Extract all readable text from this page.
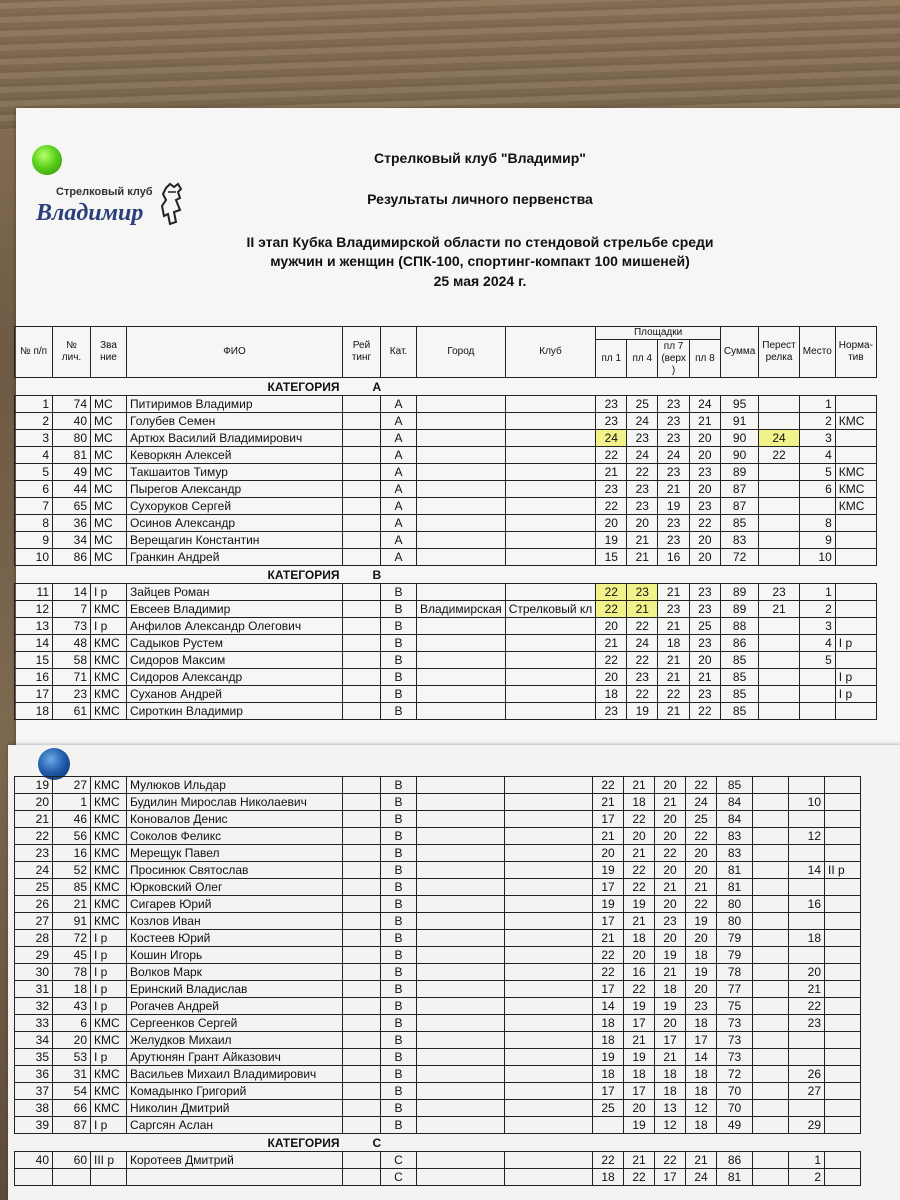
Стрелковый клуб
Владимир
Стрелковый клуб "Владимир"
Результаты личного первенства
II этап Кубка Владимирской области по стендовой стрельбе среди
мужчин и женщин (СПК-100, спортинг-компакт 100 мишеней)
25 мая 2024 г.
№ п/п	№ лич.	Зва ние	ФИО	Рей тинг	Кат.	Город	Клуб	Площадки				Сумма	Перест релка	Место	Норма-тив
								пл 1	пл 4	пл 7 (верх )	пл 8				
КАТЕГОРИЯ				А											
1	74	МС	Питиримов Владимир		А			23	25	23	24	95		1	
2	40	МС	Голубев Семен		А			23	24	23	21	91		2	КМС
3	80	МС	Артюх Василий Владимирович		А			24	23	23	20	90	24	3	
4	81	МС	Кеворкян Алексей		А			22	24	24	20	90	22	4	
5	49	МС	Такшаитов Тимур		А			21	22	23	23	89		5	КМС
6	44	МС	Пырегов Александр		А			23	23	21	20	87		6	КМС
7	65	МС	Сухоруков Сергей		А			22	23	19	23	87			КМС
8	36	МС	Осинов Александр		А			20	20	23	22	85		8	
9	34	МС	Верещагин Константин		А			19	21	23	20	83		9	
10	86	МС	Гранкин Андрей		А			15	21	16	20	72		10	
КАТЕГОРИЯ				В											
11	14	I р	Зайцев Роман		В			22	23	21	23	89	23	1	
12	7	КМС	Евсеев Владимир		В	Владимирская	Стрелковый кл	22	21	23	23	89	21	2	
13	73	I р	Анфилов Александр Олегович		В			20	22	21	25	88		3	
14	48	КМС	Садыков Рустем		В			21	24	18	23	86		4	I р
15	58	КМС	Сидоров Максим		В			22	22	21	20	85		5	
16	71	КМС	Сидоров Александр		В			20	23	21	21	85			I р
17	23	КМС	Суханов Андрей		В			18	22	22	23	85			I р
18	61	КМС	Сироткин Владимир		В			23	19	21	22	85			
19	27	КМС	Мулюков Ильдар		В			22	21	20	22	85			
20	1	КМС	Будилин Мирослав Николаевич		В			21	18	21	24	84		10	
21	46	КМС	Коновалов Денис		В			17	22	20	25	84			
22	56	КМС	Соколов Феликс		В			21	20	20	22	83		12	
23	16	КМС	Мерещук Павел		В			20	21	22	20	83			
24	52	КМС	Просинюк Святослав		В			19	22	20	20	81		14	II р
25	85	КМС	Юрковский Олег		В			17	22	21	21	81			
26	21	КМС	Сигарев Юрий		В			19	19	20	22	80		16	
27	91	КМС	Козлов Иван		В			17	21	23	19	80			
28	72	I р	Костеев Юрий		В			21	18	20	20	79		18	
29	45	I р	Кошин Игорь		В			22	20	19	18	79			
30	78	I р	Волков Марк		В			22	16	21	19	78		20	
31	18	I р	Еринский Владислав		В			17	22	18	20	77		21	
32	43	I р	Рогачев Андрей		В			14	19	19	23	75		22	
33	6	КМС	Сергеенков Сергей		В			18	17	20	18	73		23	
34	20	КМС	Желудков Михаил		В			18	21	17	17	73			
35	53	I р	Арутюнян Грант Айказович		В			19	19	21	14	73			
36	31	КМС	Васильев Михаил Владимирович		В			18	18	18	18	72		26	
37	54	КМС	Комадынко Григорий		В			17	17	18	18	70		27	
38	66	КМС	Николин Дмитрий		В			25	20	13	12	70			
39	87	I р	Саргсян Аслан		В				19	12	18	49		29	
КАТЕГОРИЯ				С											
40	60	III р	Коротеев Дмитрий		С			22	21	22	21	86		1	
					С			18	22	17	24	81		2	
